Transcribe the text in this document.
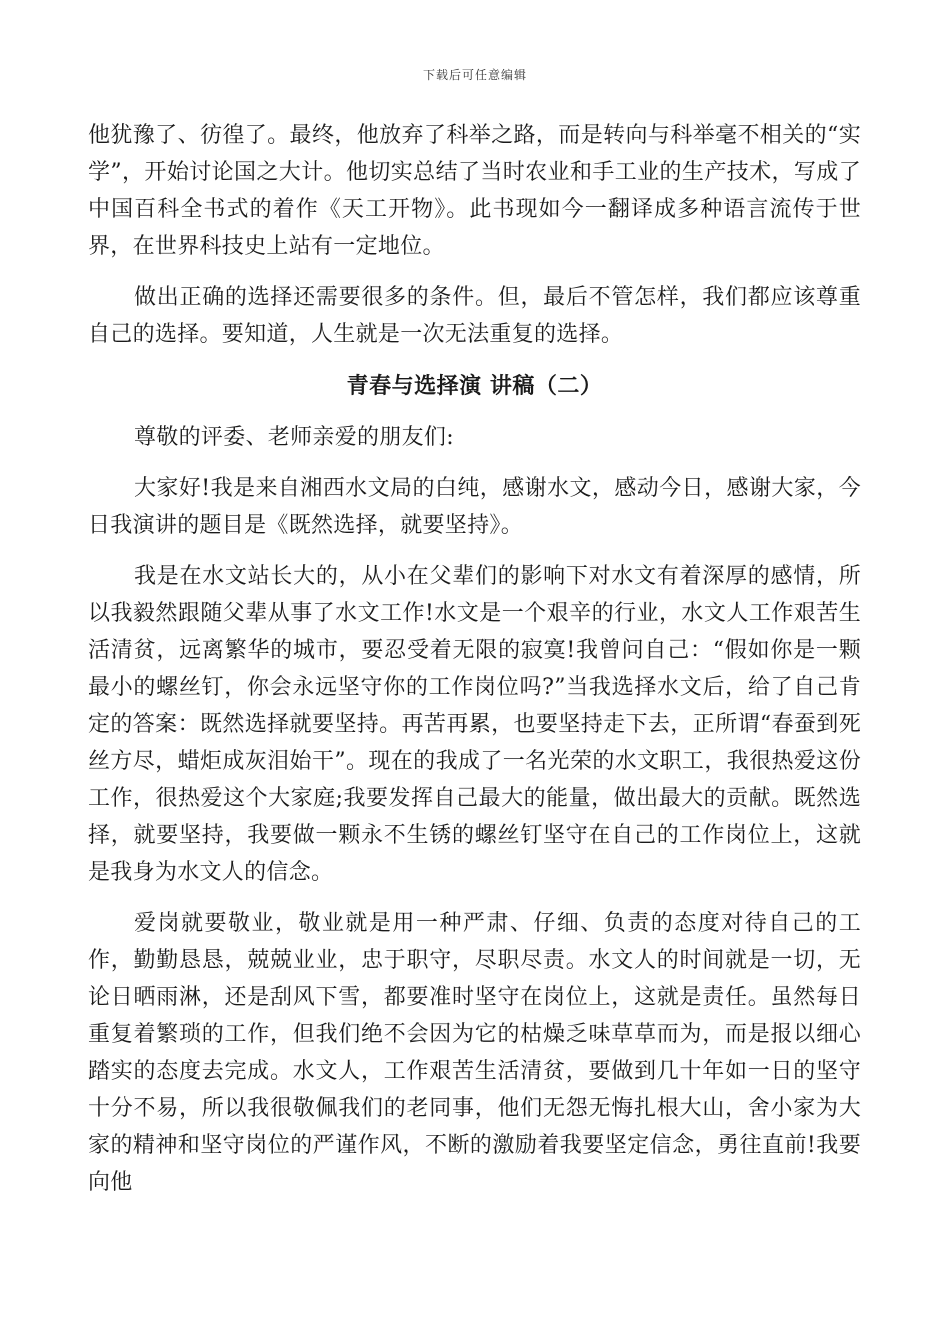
下载后可任意编辑

他犹豫了、彷徨了。最终，他放弃了科举之路，而是转向与科举毫不相关的“实学”，开始讨论国之大计。他切实总结了当时农业和手工业的生产技术，写成了中国百科全书式的着作《天工开物》。此书现如今一翻译成多种语言流传于世界，在世界科技史上站有一定地位。

做出正确的选择还需要很多的条件。但，最后不管怎样，我们都应该尊重自己的选择。要知道，人生就是一次无法重复的选择。

青春与选择演 讲稿（二）

尊敬的评委、老师亲爱的朋友们:

大家好!我是来自湘西水文局的白纯，感谢水文，感动今日，感谢大家，今日我演讲的题目是《既然选择，就要坚持》。

我是在水文站长大的，从小在父辈们的影响下对水文有着深厚的感情，所以我毅然跟随父辈从事了水文工作!水文是一个艰辛的行业，水文人工作艰苦生活清贫，远离繁华的城市，要忍受着无限的寂寞!我曾问自己：“假如你是一颗最小的螺丝钉，你会永远坚守你的工作岗位吗?”当我选择水文后，给了自己肯定的答案：既然选择就要坚持。再苦再累，也要坚持走下去，正所谓“春蚕到死丝方尽，蜡炬成灰泪始干”。现在的我成了一名光荣的水文职工，我很热爱这份工作，很热爱这个大家庭;我要发挥自己最大的能量，做出最大的贡献。既然选择，就要坚持，我要做一颗永不生锈的螺丝钉坚守在自己的工作岗位上，这就是我身为水文人的信念。

爱岗就要敬业，敬业就是用一种严肃、仔细、负责的态度对待自己的工作，勤勤恳恳，兢兢业业，忠于职守，尽职尽责。水文人的时间就是一切，无论日晒雨淋，还是刮风下雪，都要准时坚守在岗位上，这就是责任。虽然每日重复着繁琐的工作，但我们绝不会因为它的枯燥乏味草草而为，而是报以细心踏实的态度去完成。水文人，工作艰苦生活清贫，要做到几十年如一日的坚守十分不易，所以我很敬佩我们的老同事，他们无怨无悔扎根大山，舍小家为大家的精神和坚守岗位的严谨作风，不断的激励着我要坚定信念，勇往直前!我要向他
